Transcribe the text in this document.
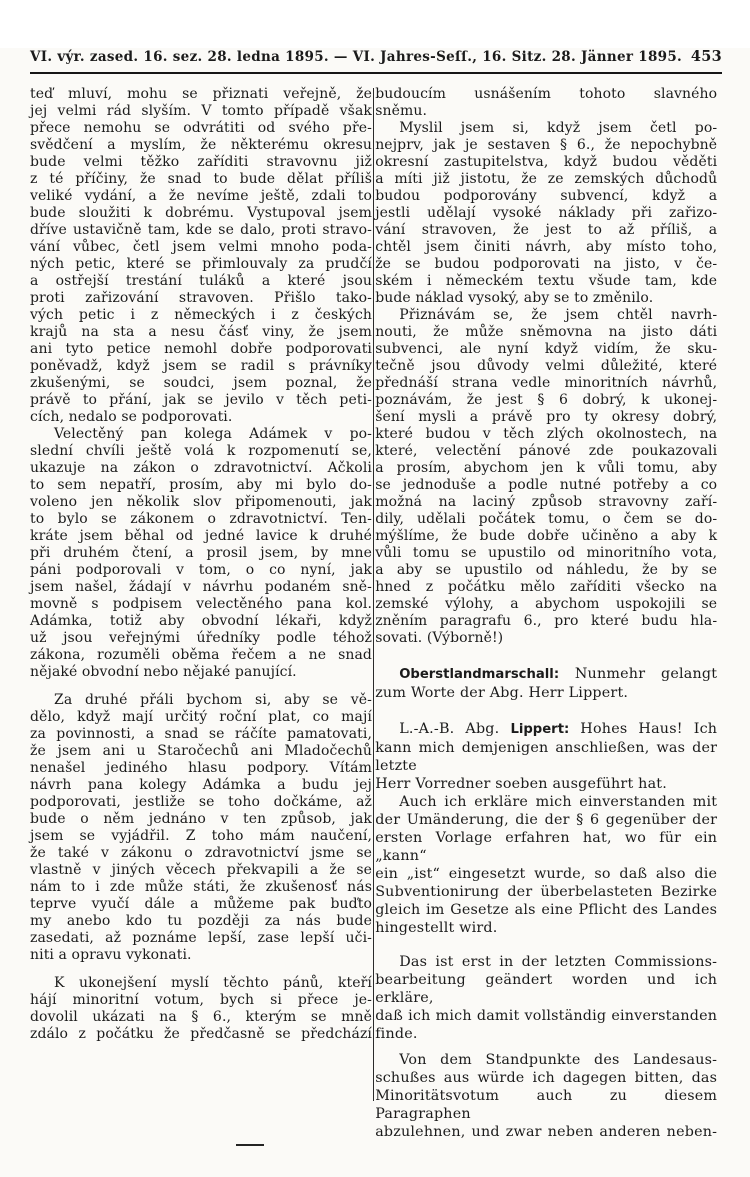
VI. výr. zased. 16. sez. 28. ledna 1895. — VI. Jahres-Seſſ., 16. Sitz. 28. Jänner 1895. 453
teď mluví, mohu se přiznati veřejně, že
jej velmi rád slyším. V tomto případě však
přece nemohu se odvrátiti od svého pře-
svědčení a myslím, že některému okresu
bude velmi těžko zaříditi stravovnu již
z té příčiny, že snad to bude dělat příliš
veliké vydání, a že nevíme ještě, zdali to
bude sloužiti k dobrému. Vystupoval jsem
dříve ustavičně tam, kde se dalo, proti stravo-
vání vůbec, četl jsem velmi mnoho poda-
ných petic, které se přimlouvaly za prudčí
a ostřejší trestání tuláků a které jsou
proti zařizování stravoven. Přišlo tako-
vých petic i z německých i z českých
krajů na sta a nesu čásť viny, že jsem
ani tyto petice nemohl dobře podporovati
poněvadž, když jsem se radil s právníky
zkušenými, se soudci, jsem poznal, že
právě to přání, jak se jevilo v těch peti-
cích, nedalo se podporovati.
Velectěný pan kolega Adámek v po-
slední chvíli ještě volá k rozpomenutí se,
ukazuje na zákon o zdravotnictví. Ačkoli
to sem nepatří, prosím, aby mi bylo do-
voleno jen několik slov připomenouti, jak
to bylo se zákonem o zdravotnictví. Ten-
kráte jsem běhal od jedné lavice k druhé
při druhém čtení, a prosil jsem, by mne
páni podporovali v tom, o co nyní, jak
jsem našel, žádají v návrhu podaném sně-
movně s podpisem velectěného pana kol.
Adámka, totiž aby obvodní lékaři, když
už jsou veřejnými úředníky podle téhož
zákona, rozuměli oběma řečem a ne snad
nějaké obvodní nebo nějaké panující.
Za druhé přáli bychom si, aby se vě-
dělo, když mají určitý roční plat, co mají
za povinnosti, a snad se ráčíte pamatovati,
že jsem ani u Staročechů ani Mladočechů
nenašel jediného hlasu podpory. Vítám
návrh pana kolegy Adámka a budu jej
podporovati, jestliže se toho dočkáme, až
bude o něm jednáno v ten způsob, jak
jsem se vyjádřil. Z toho mám naučení,
že také v zákonu o zdravotnictví jsme se
vlastně v jiných věcech překvapili a že se
nám to i zde může státi, že zkušenosť nás
teprve vyučí dále a můžeme pak buďto
my anebo kdo tu později za nás bude
zasedati, až poznáme lepší, zase lepší uči-
niti a opravu vykonati.
K ukonejšení myslí těchto pánů, kteří
hájí minoritní votum, bych si přece je-
dovolil ukázati na § 6., kterým se mně
zdálo z počátku že předčasně se předchází
budoucím usnášením tohoto slavného
sněmu.
Myslil jsem si, když jsem četl po-
nejprv, jak je sestaven § 6., že nepochybně
okresní zastupitelstva, když budou věděti
a míti již jistotu, že ze zemských důchodů
budou podporovány subvencí, když a
jestli udělají vysoké náklady při zařizo-
vání stravoven, že jest to až příliš, a
chtěl jsem činiti návrh, aby místo toho,
že se budou podporovati na jisto, v če-
ském i německém textu všude tam, kde
bude náklad vysoký, aby se to změnilo.
Přiznávám se, že jsem chtěl navrh-
nouti, že může sněmovna na jisto dáti
subvenci, ale nyní když vidím, že sku-
tečně jsou důvody velmi důležité, které
přednáší strana vedle minoritních návrhů,
poznávám, že jest § 6 dobrý, k ukonej-
šení mysli a právě pro ty okresy dobrý,
které budou v těch zlých okolnostech, na
které, velectění pánové zde poukazovali
a prosím, abychom jen k vůli tomu, aby
se jednoduše a podle nutné potřeby a co
možná na laciný způsob stravovny zaří-
dily, udělali počátek tomu, o čem se do-
mýšlíme, že bude dobře učiněno a aby k
vůli tomu se upustilo od minoritního vota,
a aby se upustilo od náhledu, že by se
hned z počátku mělo zaříditi všecko na
zemské výlohy, a abychom uspokojili se
zněním paragrafu 6., pro které budu hla-
sovati. (Výborně!)
Oberstlandmarschall: Nunmehr gelangt
zum Worte der Abg. Herr Lippert.
L.-A.-B. Abg. Lippert: Hohes Haus! Ich
kann mich demjenigen anschließen, was der letzte
Herr Vorredner soeben ausgeführt hat.
Auch ich erkläre mich einverstanden mit
der Umänderung, die der § 6 gegenüber der
ersten Vorlage erfahren hat, wo für ein „kann“
ein „ist“ eingesetzt wurde, so daß also die
Subventionirung der überbelasteten Bezirke
gleich im Gesetze als eine Pflicht des Landes
hingestellt wird.
Das ist erst in der letzten Commissions-
bearbeitung geändert worden und ich erkläre,
daß ich mich damit vollständig einverstanden
finde.
Von dem Standpunkte des Landesaus-
schußes aus würde ich dagegen bitten, das
Minoritätsvotum auch zu diesem Paragraphen
abzulehnen, und zwar neben anderen neben-
